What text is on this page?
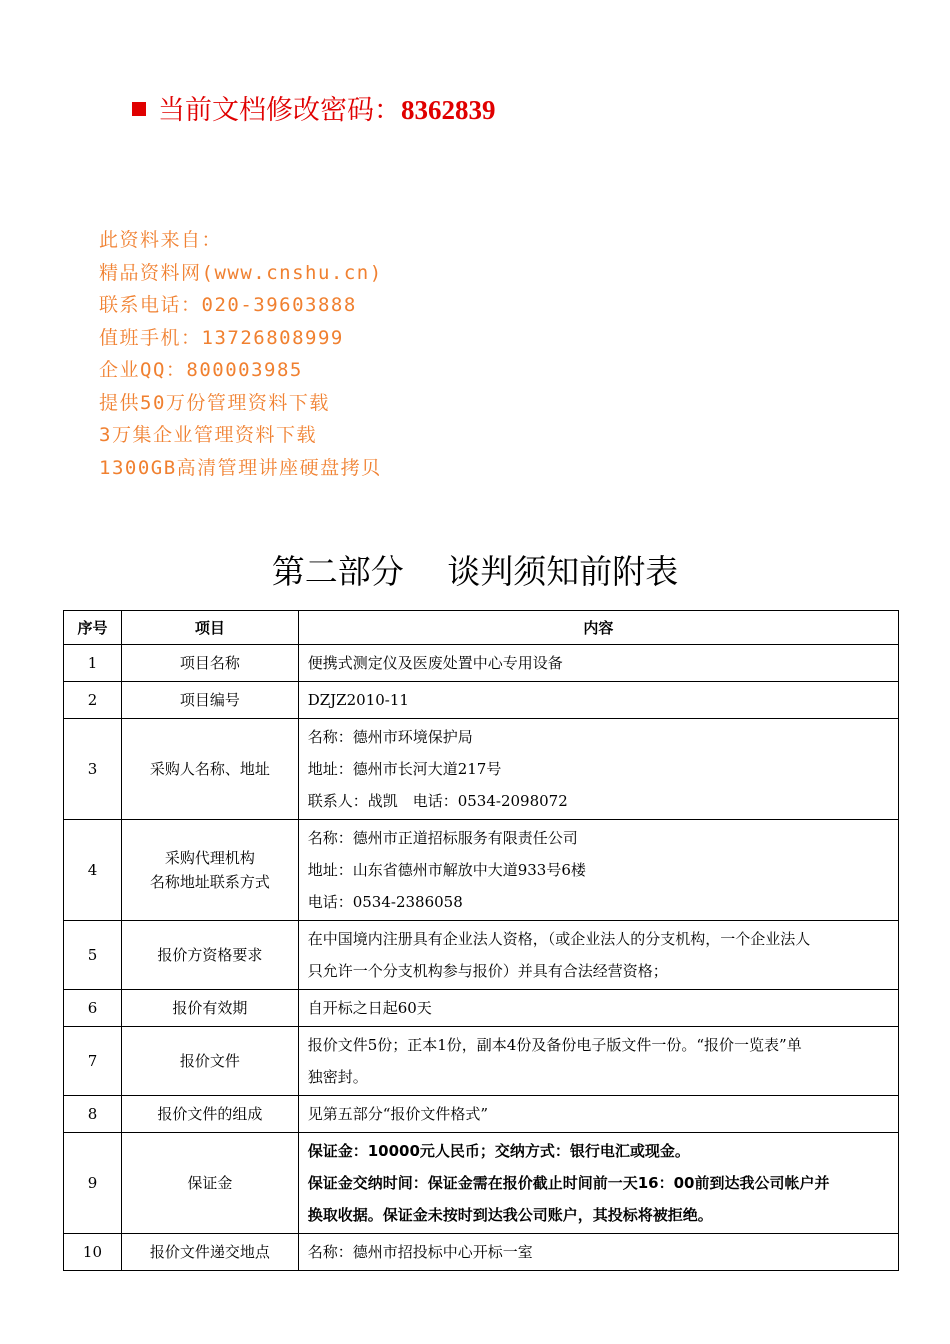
当前文档修改密码：8362839
此资料来自：
精品资料网(www.cnshu.cn)
联系电话：020-39603888
值班手机：13726808999
企业QQ：800003985
提供50万份管理资料下载
3万集企业管理资料下载
1300GB高清管理讲座硬盘拷贝
第二部分　 谈判须知前附表
序号	项目	内容
1	项目名称	便携式测定仪及医废处置中心专用设备

2	项目编号	DZJZ2010-11

3	采购人名称、地址	名称：德州市环境保护局
地址：德州市长河大道217号
联系人：战凯　电话：0534-2098072

4	采购代理机构
名称地址联系方式	名称：德州市正道招标服务有限责任公司
地址：山东省德州市解放中大道933号6楼
电话：0534-2386058

5	报价方资格要求	在中国境内注册具有企业法人资格，（或企业法人的分支机构，一个企业法人
只允许一个分支机构参与报价）并具有合法经营资格；

6	报价有效期	自开标之日起60天

7	报价文件	报价文件5份；正本1份，副本4份及备份电子版文件一份。“报价一览表”单
独密封。

8	报价文件的组成	见第五部分“报价文件格式”

9	保证金	保证金：10000元人民币；交纳方式：银行电汇或现金。
保证金交纳时间：保证金需在报价截止时间前一天16：00前到达我公司帐户并
换取收据。保证金未按时到达我公司账户，其投标将被拒绝。

10	报价文件递交地点	名称：德州市招投标中心开标一室
